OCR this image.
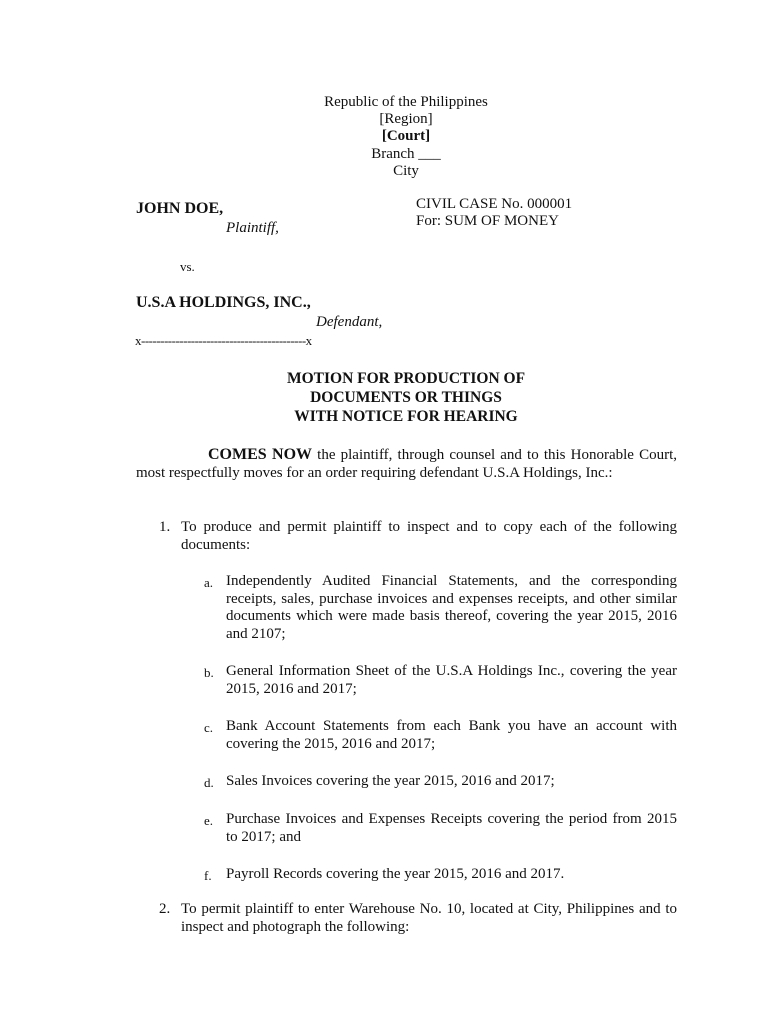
Republic of the Philippines
[Region]
[Court]
Branch ___
City
JOHN DOE,
Plaintiff,
CIVIL CASE No. 000001
For: SUM OF MONEY
vs.
U.S.A HOLDINGS, INC.,
Defendant,
x-------------------------------------------x
MOTION FOR PRODUCTION OF
DOCUMENTS OR THINGS
WITH NOTICE FOR HEARING
COMES NOW the plaintiff, through counsel and to this Honorable Court, most respectfully moves for an order requiring defendant U.S.A Holdings, Inc.:
1. To produce and permit plaintiff to inspect and to copy each of the following documents:
a. Independently Audited Financial Statements, and the corresponding receipts, sales, purchase invoices and expenses receipts, and other similar documents which were made basis thereof, covering the year 2015, 2016 and 2107;
b. General Information Sheet of the U.S.A Holdings Inc., covering the year 2015, 2016 and 2017;
c. Bank Account Statements from each Bank you have an account with covering the 2015, 2016 and 2017;
d. Sales Invoices covering the year 2015, 2016 and 2017;
e. Purchase Invoices and Expenses Receipts covering the period from 2015 to 2017; and
f. Payroll Records covering the year 2015, 2016 and 2017.
2. To permit plaintiff to enter Warehouse No. 10, located at City, Philippines and to inspect and photograph the following:
